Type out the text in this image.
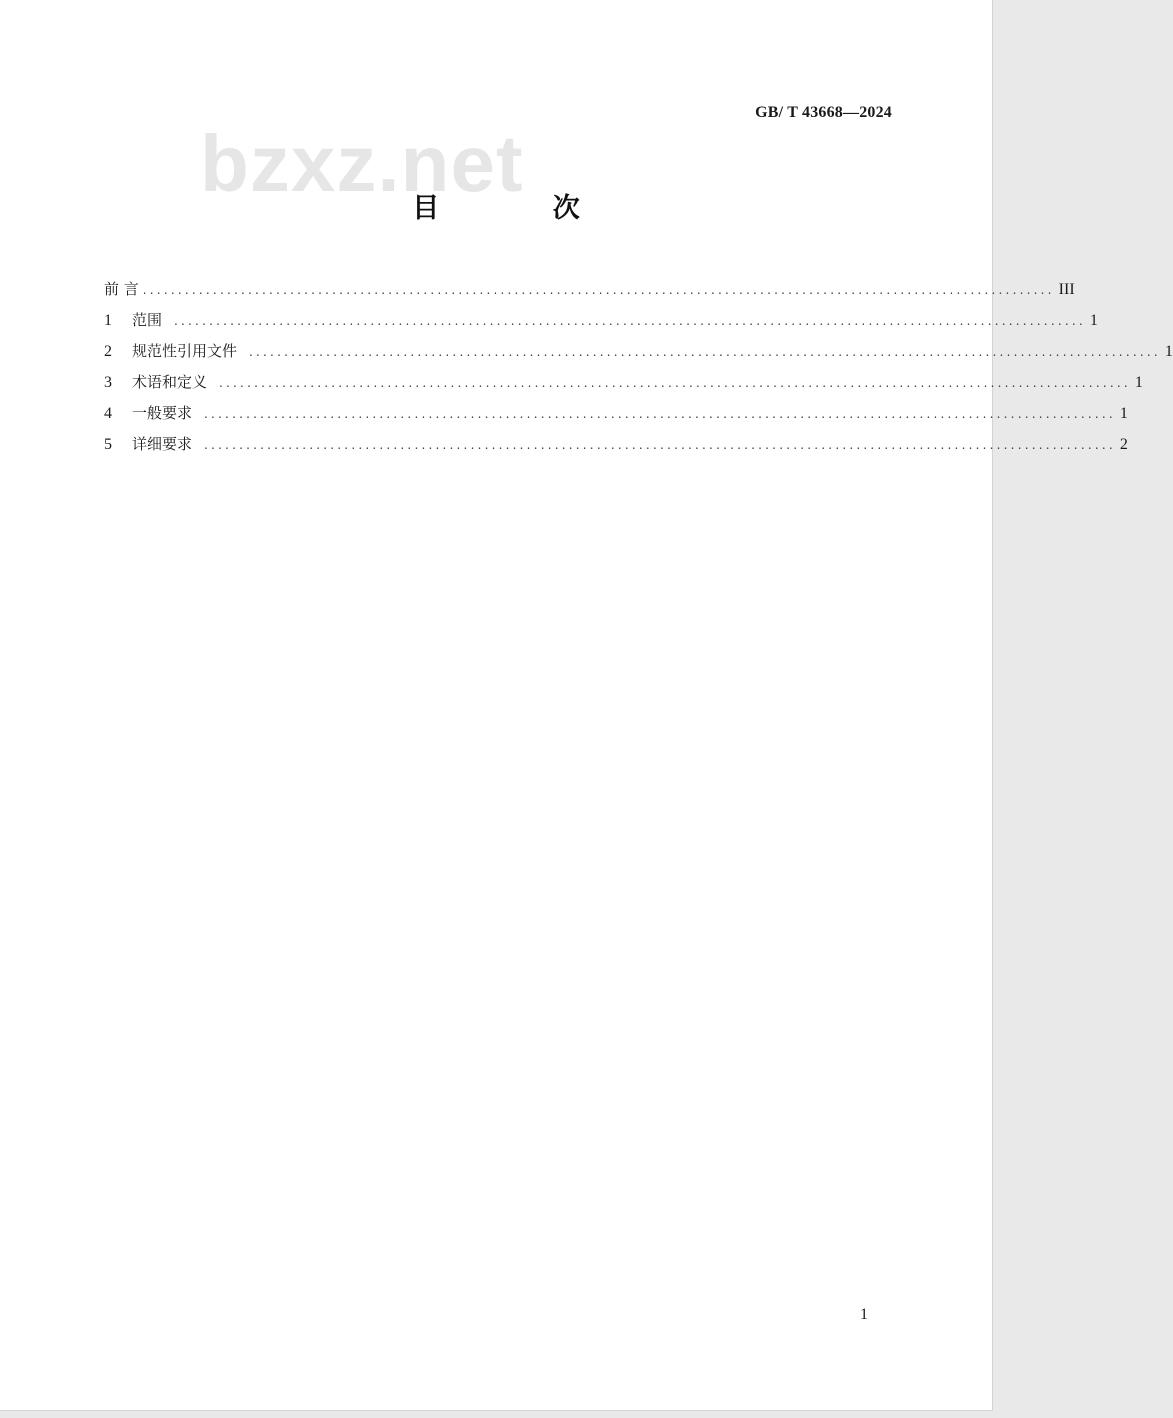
GB/ T 43668—2024
bzxz.net
目 次
前 言 .................................................................................................................................. III
1	范围	.................................................................................................................................. 1
2	规范性引用文件	.................................................................................................................................. 1
3	术语和定义	.................................................................................................................................. 1
4	一般要求	.................................................................................................................................. 1
5	详细要求	.................................................................................................................................. 2
1
